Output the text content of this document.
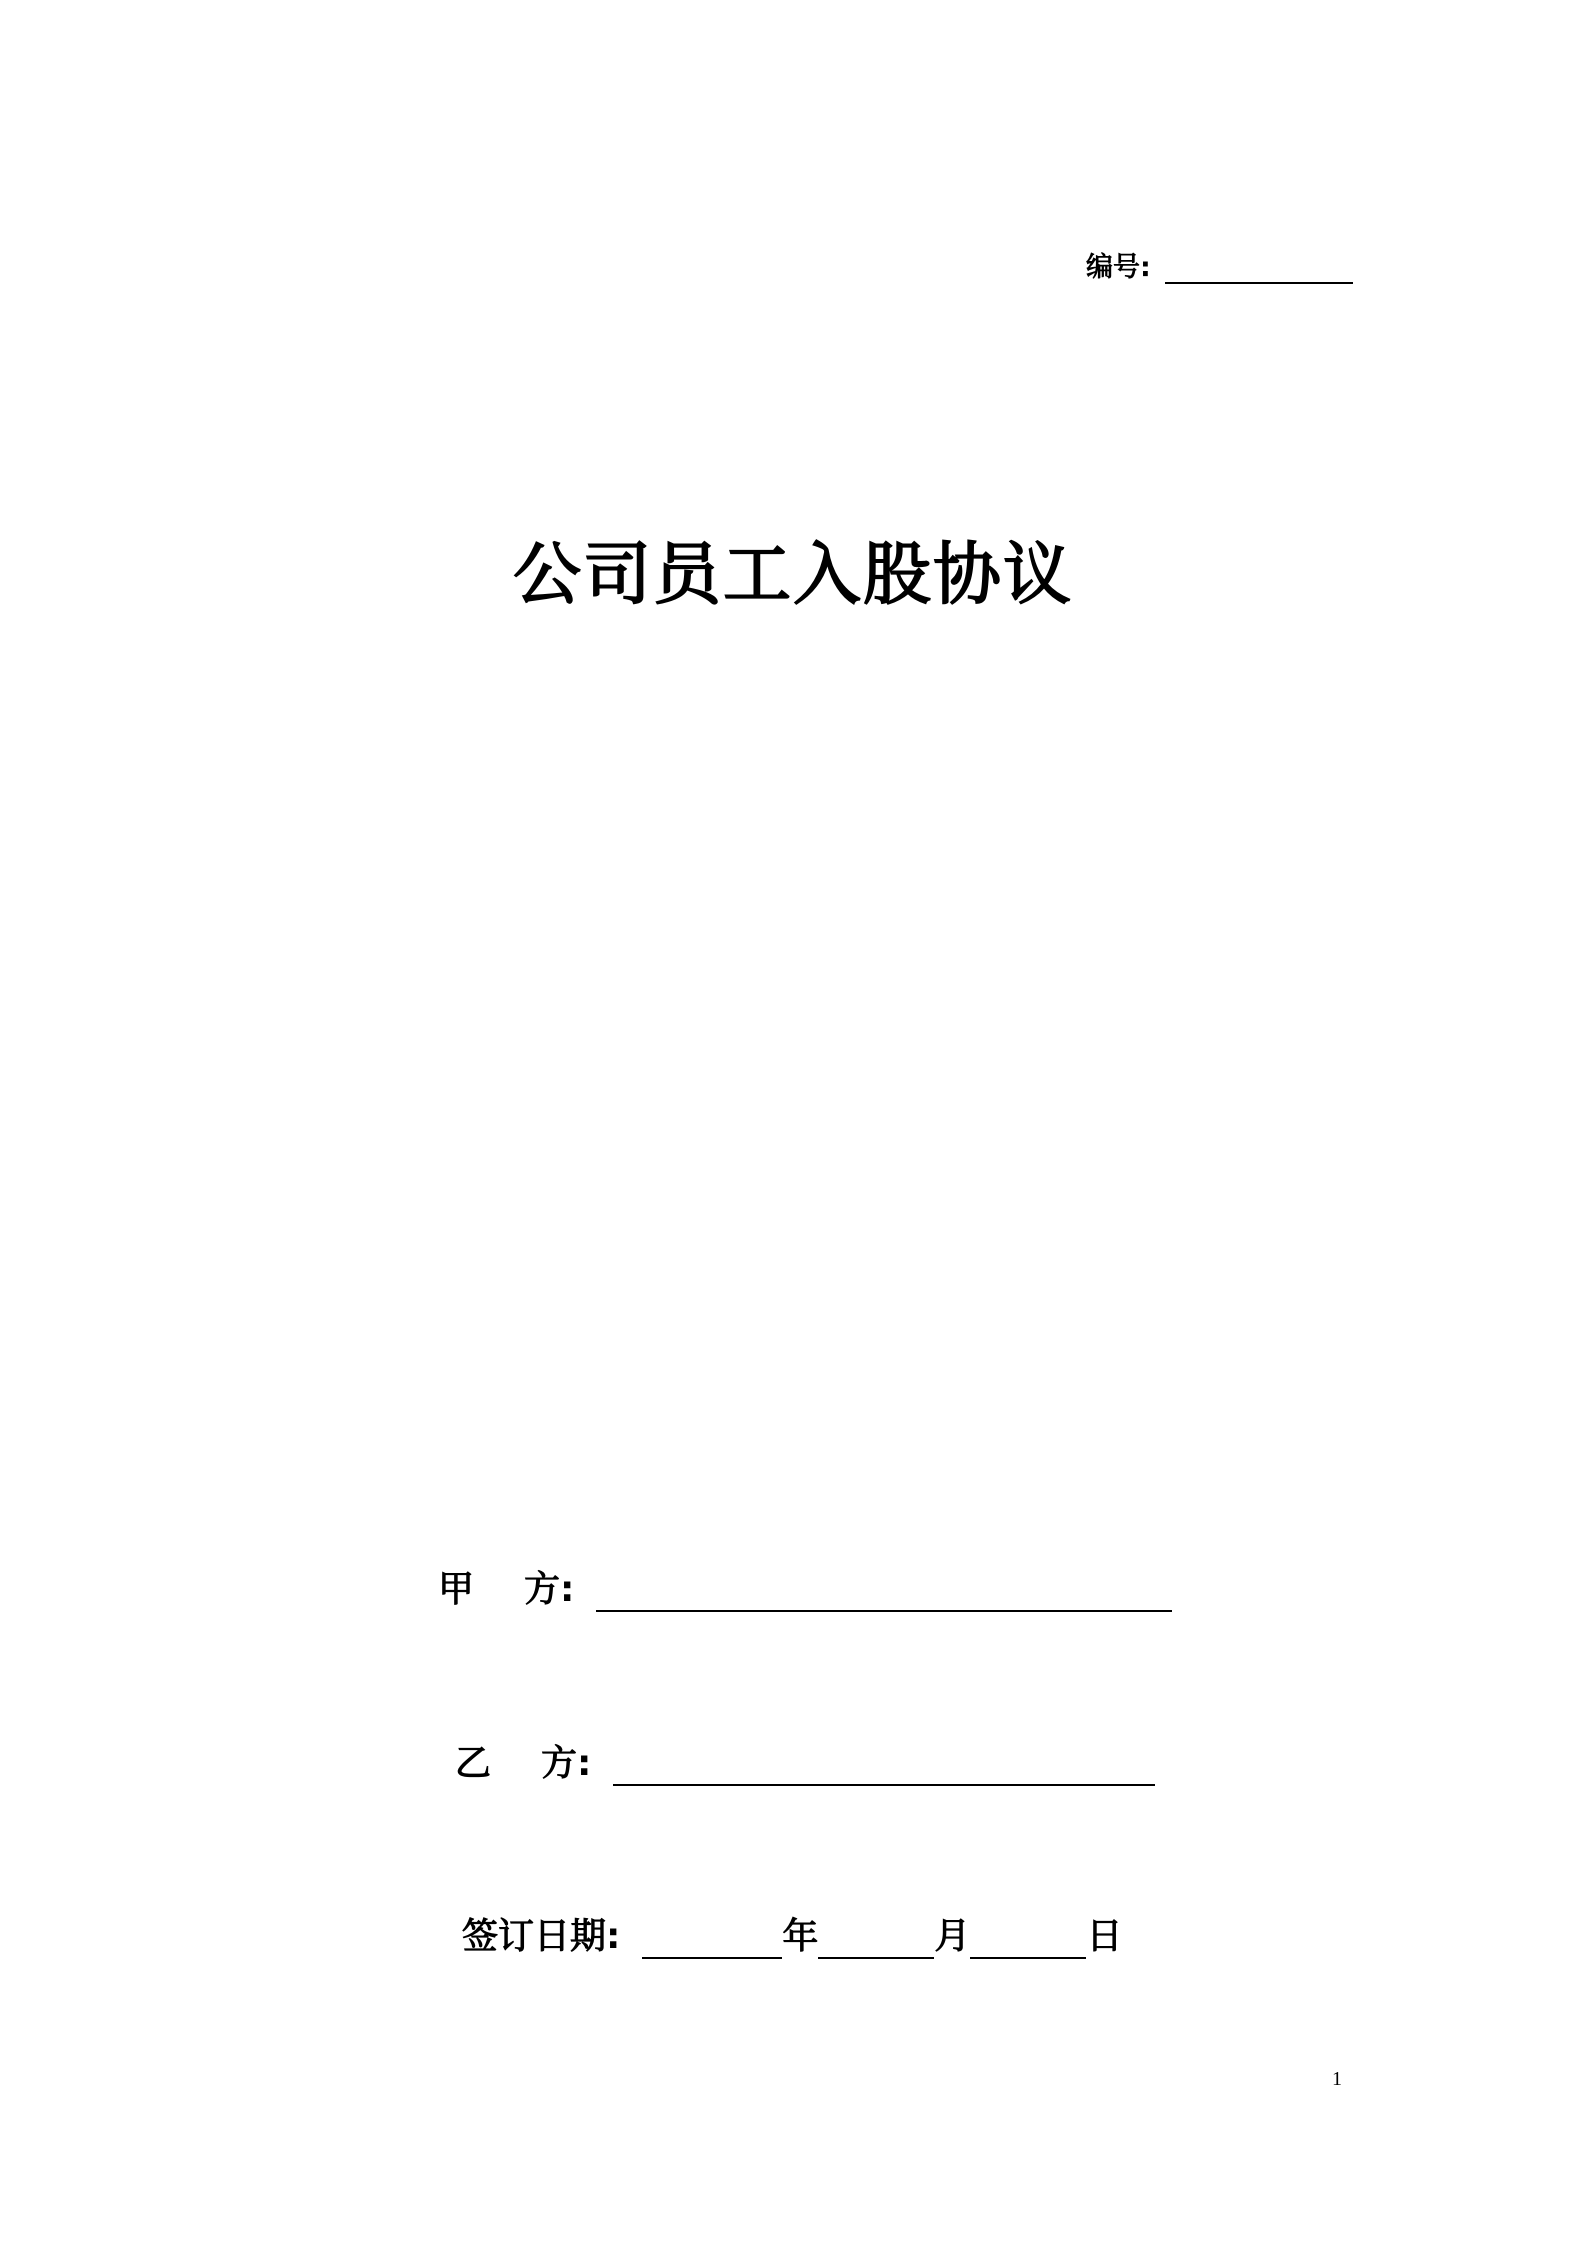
编号:
公司员工入股协议
甲 方:
乙 方:
签订日期:	年	月	日
1
